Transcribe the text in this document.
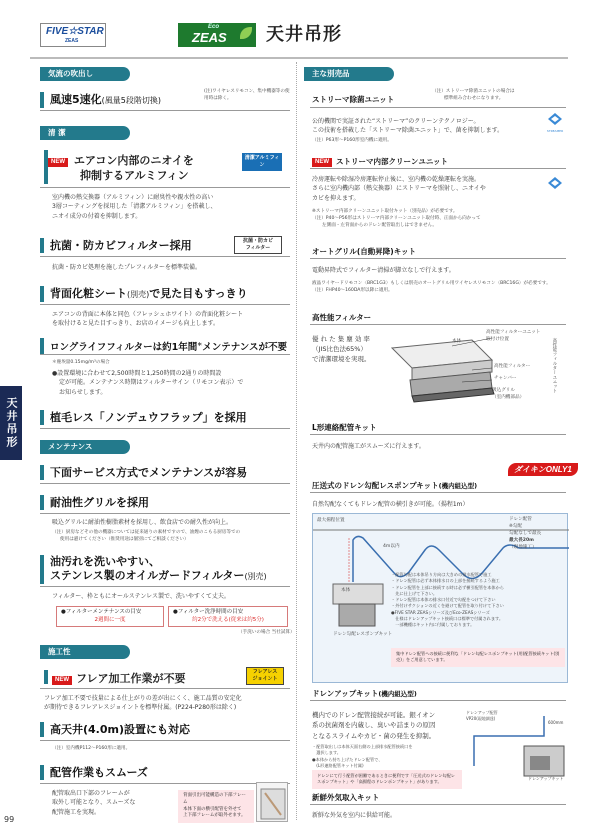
FIVE☆STAR
ZEAS
Eco
ZEAS 天井吊形
天井吊形
99
気流の吹出し
風速5速化(風量5段階切換)
(注)ワイヤレスリモコン、集中機器等の使用時は除く。
清 潔
NEW エアコン内部のニオイを
抑制するアルミフィン
清潔アルミフィン
室内機の熱交換器（アルミフィン）に耐臭性や親水性の高い
3層コーティングを採用した「清潔アルミフィン」を搭載し、
ニオイ成分の付着を抑制します。
抗菌・防カビフィルター採用	抗菌・防カビ
フィルター
抗菌・防カビ処理を施したプレフィルターを標準装備。
背面化粧シート(別売)で見た目もすっきり
エアコンの背面に本体と同色（フレッシュホワイト）の背面化粧シート
を取付けると見た目すっきり、お店のイメージも向上します。
ロングライフフィルターは約1年間＊メンテナンスが不要
＊塵埃量0.15mg/m³の場合
●設置環境に合わせて2,500時間と1,250時間の2通りの時間設
定が可能。メンテナンス時期はフィルターサイン（リモコン表示）で
お知らせします。
植毛レス「ノンデュウフラップ」を採用
メンテナンス
下面サービス方式でメンテナンスが容易
耐油性グリルを採用
吸込グリルに耐油性樹脂素材を採用し、飲食店での耐久性が向上。
（注）厨房などその他の機器については従来通りの素材ですので、油煙のこもる厨房等での
使用は避けてください（推奨用途は個別にてご相談ください）
油汚れを洗いやすい、
ステンレス製のオイルガードフィルター(別売)
フィルター、枠ともにオールステンレス製で、洗いやすくて丈夫。
●フィルターメンテナンスの目安
2週間に一度
●フィルター洗浄時間の目安
約2分で洗える(従来は約5分)
（手洗いの場合 当社試算）
施工性
NEW フレア加工作業が不要	フレアレス
ジョイント
フレア加工不要で技量による仕上がりの差が出にくく、施工品質の安定化
が期待できるフレアレスジョイントを標準付属。(P224-P280形は除く)
高天井(4.0m)設置にも対応
（注）室内機P112〜P160形に適用。
配管作業もスムーズ
配管取出口下部のフレームが
取外し可能となり、スムーズな
配管施工を実現。
背面引出可能構造の下部フレーム
本体下面の横引配管を外せて
上下部フレームが取外せます。
主な別売品
ストリーマ除菌ユニット
（注）ストリーマ除菌ユニットの場合は
標準組み合わせになります。
公的機関で実証された“ストリーマ”のクリーンテクノロジー。
この技術を搭載した「ストリーマ除菌ユニット」で、菌を抑制します。
（注）P63形〜P160形室内機に適用。
STREAMER
NEW ストリーマ内部クリーンユニット
冷房運転や除湿冷房運転停止後に、室内機の乾燥運転を実施。
さらに室内機内部（熱交換器）にストリーマを照射し、ニオイや
カビを抑えます。
※ストリーマ内部クリーンユニット取付キット（別売品）が必要です。
（注）P40〜P56形はストリーマ内部クリーンユニット取付時、正面から向かって
左側面・左背面からのドレン配管取出しはできません。
オートグリル(自動昇降)キット
電動昇降式でフィルター清掃が脚立なしで行えます。
液晶ワイヤードリモコン〈BRC1G3〉もしくは別売のオートグリル用ワイヤレスリモコン〈BRC16G〉が必要です。
（注）FHP40〜160DA形以降に適用。
高性能フィルター
優 れ た 集 塵 効 率
（JIS比色法65%）
で清潔環境を実現。
本体
高性能フィルターユニット
取付け位置
高性能フィルター
チャンバー
吸込グリル
（室内機部品）
高性能フィルターユニット
L形連絡配管キット
天井内の配管施工がスムーズに行えます。
ダイキンONLY1
圧送式のドレン勾配レスポンプキット(機内組込型)
自然勾配なくてもドレン配管の横引きが可能。（揚程1m）
最大揚程位置	ドレン配管
※勾配
勾配なしで最長
最大長20m
（現地施工）
4m以内
本体
ドレン勾配レスポンプキット
・配管勾配は本体吊り方向は大きめの排水配管で施工
・ドレン配管は必ず本体排水口の上部を接続するよう施工
・ドレン配管を上部に接続する時は必ず横引配管を本体から
　先に仕上げて下さい。
・ドレン配管は本体の排水口付近で勾配をつけて下さい
・外付けサクションの近くを避けて配管を取り付けて下さい
●FIVE STAR ZEASシリーズ及びEco-ZEASシリーズ
　仕様はドレンアップキット接続口は標準で付属されます。
　一部機種はキット内に付属しております。
集中ドレン配管への接続に便利な「ドレン勾配レスポンプキット(用)配管接続キット(別売)」をご用意しています。
ドレンアップキット(機内組込型)
機内でのドレン配管接続が可能。銀イオン
系の抗菌剤を内蔵し、臭いや詰まりの原因
となるスライムやカビ・菌の発生を抑制。
・配管取出しは本体天面右側の上部排水配管接続口を
　選択します。
●本体から持ち上げたドレン配管で、
　(L形連絡配管キット付属)
ドレンにて行う配管が困難であるときに便利です「圧送式のドレン勾配レスポンプキット」や「高揚程のドレンポンプキット」があります。
ドレンアップ配管
VP20(現地調達)
600mm
ドレンアップキット
新鮮外気取入キット
新鮮な外気を室内に供給可能。
